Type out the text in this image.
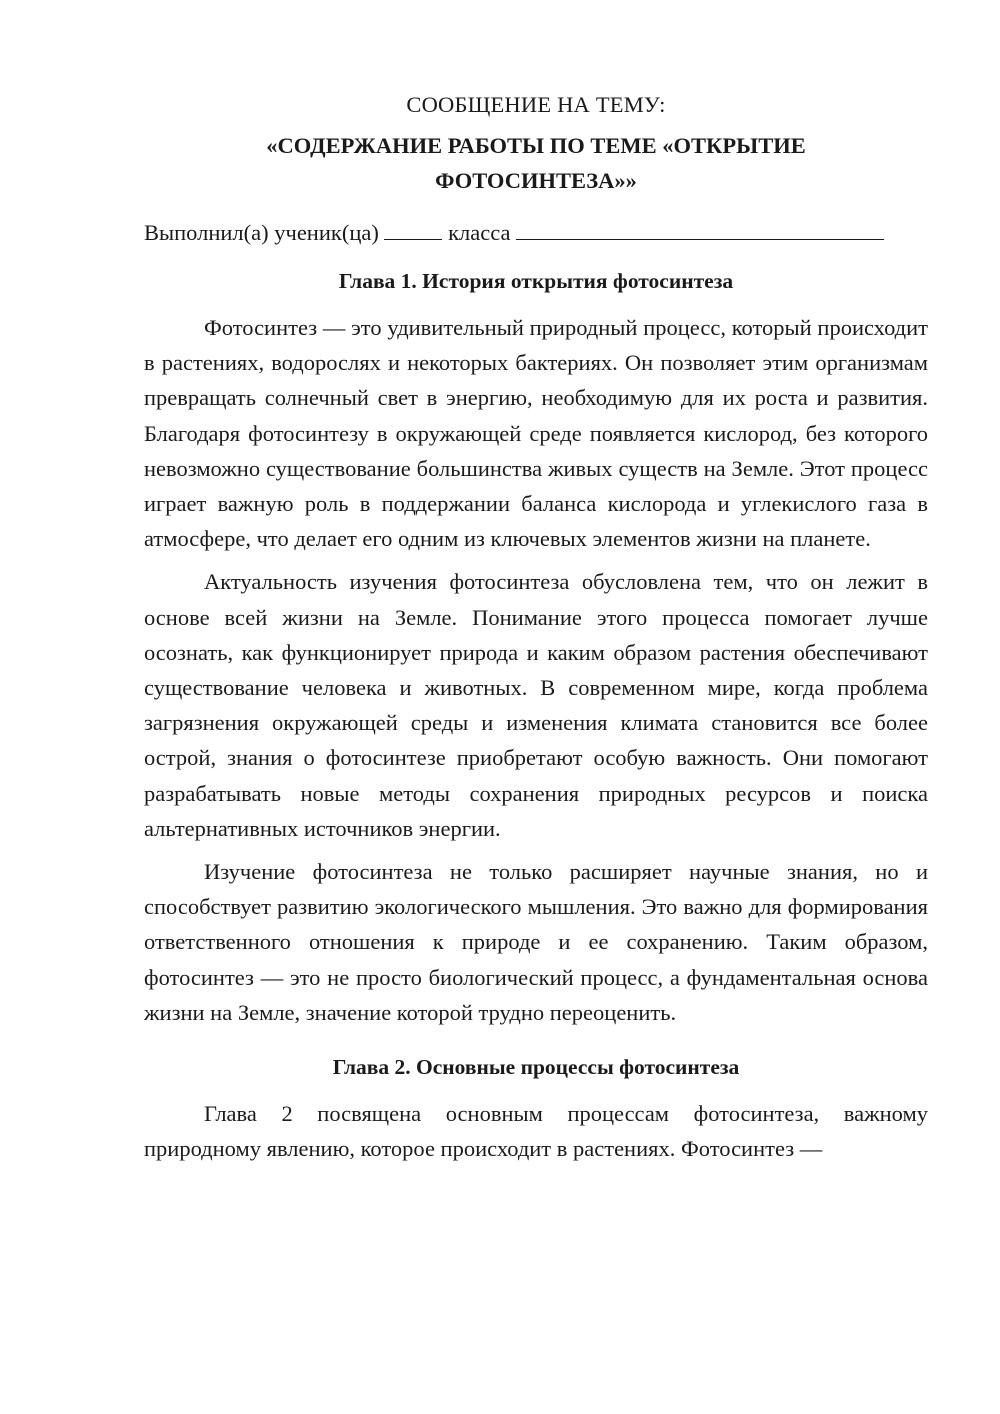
СООБЩЕНИЕ НА ТЕМУ:
«СОДЕРЖАНИЕ РАБОТЫ ПО ТЕМЕ «ОТКРЫТИЕ ФОТОСИНТЕЗА»»
Выполнил(а) ученик(ца)	класса
Глава 1. История открытия фотосинтеза

Фотосинтез — это удивительный природный процесс, который происходит в растениях, водорослях и некоторых бактериях. Он позволяет этим организмам превращать солнечный свет в энергию, необходимую для их роста и развития. Благодаря фотосинтезу в окружающей среде появляется кислород, без которого невозможно существование большинства живых существ на Земле. Этот процесс играет важную роль в поддержании баланса кислорода и углекислого газа в атмосфере, что делает его одним из ключевых элементов жизни на планете.

Актуальность изучения фотосинтеза обусловлена тем, что он лежит в основе всей жизни на Земле. Понимание этого процесса помогает лучше осознать, как функционирует природа и каким образом растения обеспечивают существование человека и животных. В современном мире, когда проблема загрязнения окружающей среды и изменения климата становится все более острой, знания о фотосинтезе приобретают особую важность. Они помогают разрабатывать новые методы сохранения природных ресурсов и поиска альтернативных источников энергии.

Изучение фотосинтеза не только расширяет научные знания, но и способствует развитию экологического мышления. Это важно для формирования ответственного отношения к природе и ее сохранению. Таким образом, фотосинтез — это не просто биологический процесс, а фундаментальная основа жизни на Земле, значение которой трудно переоценить.

Глава 2. Основные процессы фотосинтеза

Глава 2 посвящена основным процессам фотосинтеза, важному природному явлению, которое происходит в растениях. Фотосинтез —
